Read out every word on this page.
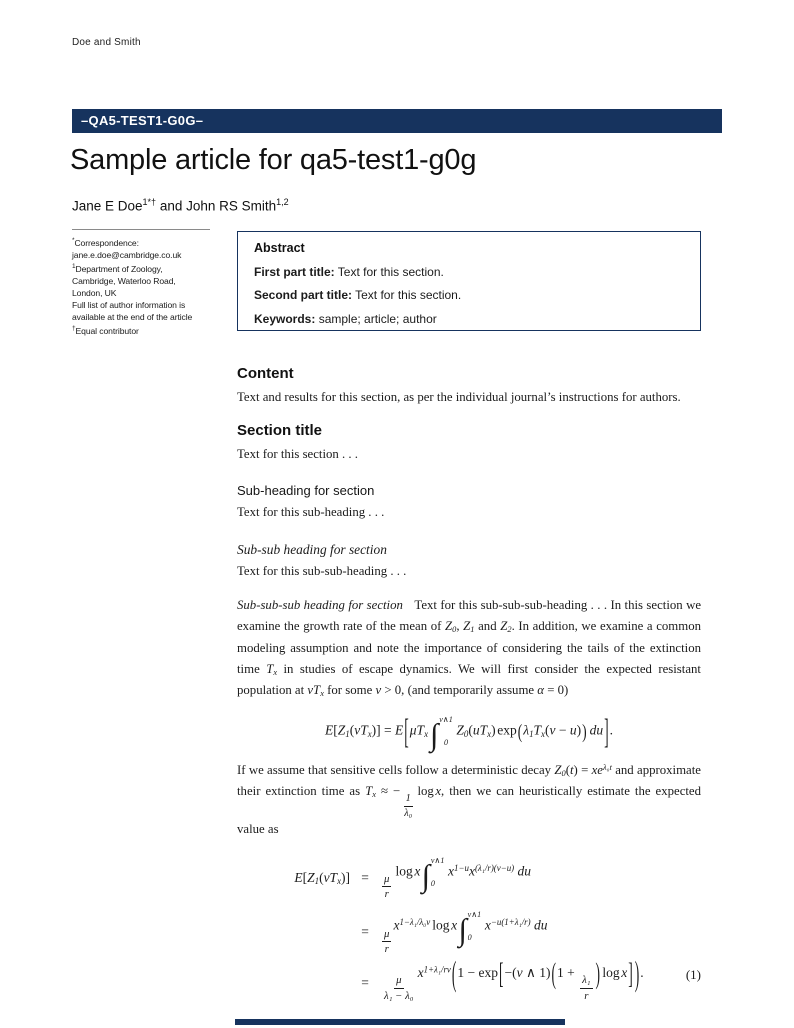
Doe and Smith
–QA5-TEST1-G0G–
Sample article for qa5-test1-g0g
Jane E Doe$^{1*\dagger}$ and John RS Smith$^{1,2}$
*Correspondence:
jane.e.doe@cambridge.co.uk
$^1$Department of Zoology,
Cambridge, Waterloo Road,
London, UK
Full list of author information is
available at the end of the article
†Equal contributor
Abstract
First part title: Text for this section.
Second part title: Text for this section.
Keywords: sample; article; author
Content

Text and results for this section, as per the individual journal’s instructions for authors.

Section title

Text for this section . . .

Sub-heading for section

Text for this sub-heading . . .

Sub-sub heading for section

Text for this sub-sub-heading . . .

Sub-sub-sub heading for section Text for this sub-sub-sub-heading . . . In this section we examine the growth rate of the mean of $Z_0$, $Z_1$ and $Z_2$. In addition, we examine a common modeling assumption and note the importance of considering the tails of the extinction time $T_x$ in studies of escape dynamics. We will first consider the expected resistant population at $vT_x$ for some v > 0, (and temporarily assume α = 0)

$E[Z_1(vT_x)] = E[\mu T_x\int$ v∧1
0
$Z_0(uT_x) \exp(\lambda_1T_x(v - u))$ du].

If we assume that sensitive cells follow a deterministic decay $Z_0(t) = xe^{\lambda_0t}$ and approximate their extinction time as $T_x$ ≈ −
$\frac{1}{\text{λ₀}}$
log x, then we can heuristically estimate the expected value as

$E[Z_1(vT_x)] = \frac{\mu}{r}$
log x∫ v∧1
0
$x^{1-u}x^{(\lambda_1/r)(v-u)}$ du
= $\frac{\mu}{r}$
$x^{1-\lambda_1/\lambda_0v}$ log x∫ v∧1
0
$x^{-u(1+\lambda_1/r)}$ du
= $\frac{\mu}{\text{λ₁ − λ₀}}$
$x^{1+\lambda_1/rv}(1 - \exp[-(v$ ∧ 1)(1 +
$\frac{\text{λ₁}}{r}$ ) log x] ).	(1)
